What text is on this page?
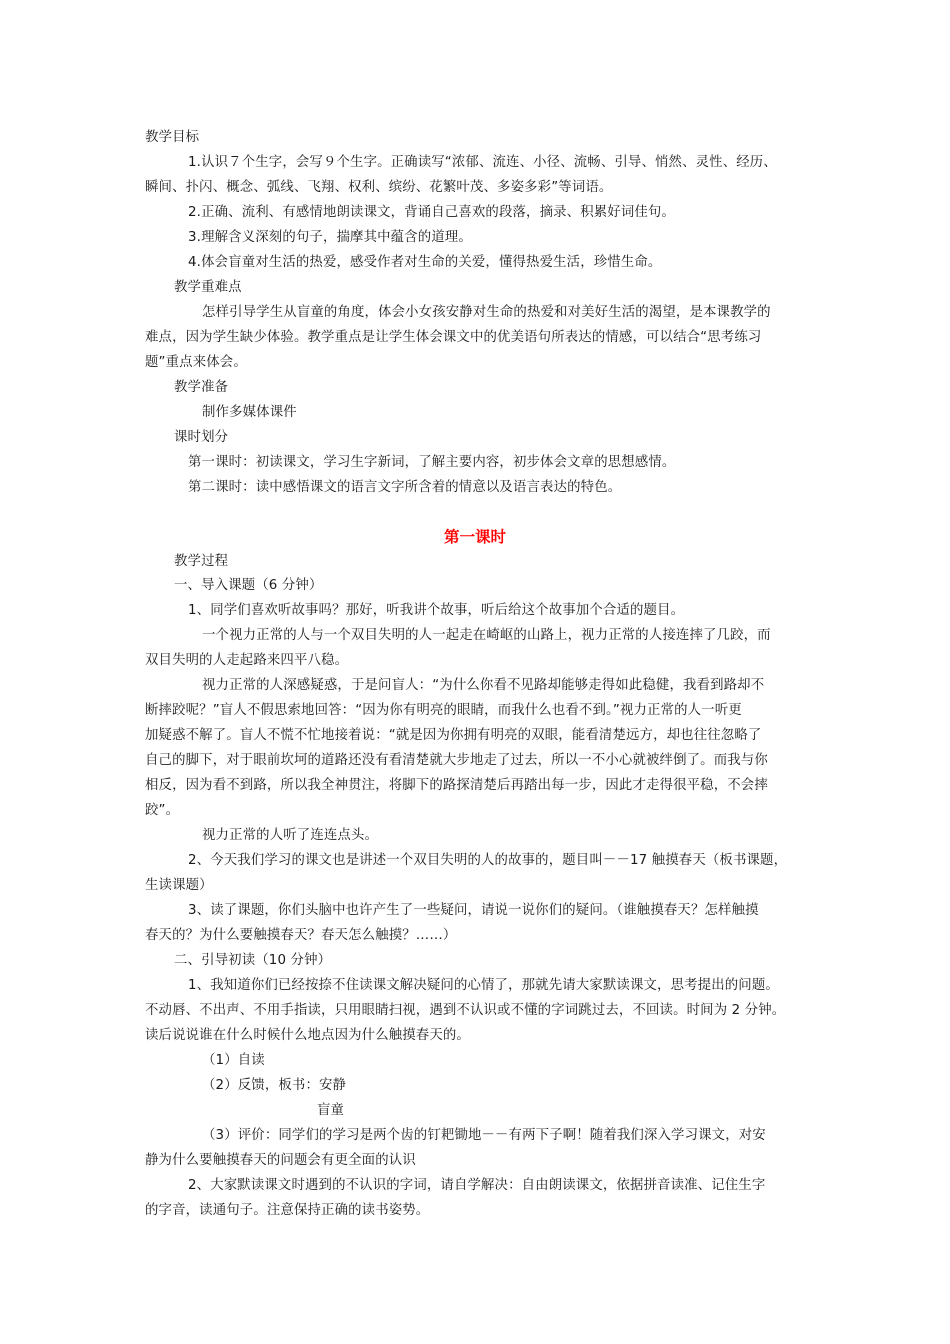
教学目标
1.认识７个生字，会写９个生字。正确读写“浓郁、流连、小径、流畅、引导、悄然、灵性、经历、
瞬间、扑闪、概念、弧线、飞翔、权利、缤纷、花繁叶茂、多姿多彩”等词语。
2.正确、流利、有感情地朗读课文，背诵自己喜欢的段落，摘录、积累好词佳句。
3.理解含义深刻的句子，揣摩其中蕴含的道理。
4.体会盲童对生活的热爱，感受作者对生命的关爱，懂得热爱生活，珍惜生命。
教学重难点
怎样引导学生从盲童的角度，体会小女孩安静对生命的热爱和对美好生活的渴望，是本课教学的
难点，因为学生缺少体验。教学重点是让学生体会课文中的优美语句所表达的情感，可以结合“思考练习
题”重点来体会。
教学准备
制作多媒体课件
课时划分
第一课时：初读课文，学习生字新词，了解主要内容，初步体会文章的思想感情。
第二课时：读中感悟课文的语言文字所含着的情意以及语言表达的特色。
第一课时
教学过程
一、导入课题（6 分钟）
1、同学们喜欢听故事吗？那好，听我讲个故事，听后给这个故事加个合适的题目。
一个视力正常的人与一个双目失明的人一起走在崎岖的山路上，视力正常的人接连摔了几跤，而
双目失明的人走起路来四平八稳。
视力正常的人深感疑惑，于是问盲人：“为什么你看不见路却能够走得如此稳健，我看到路却不
断摔跤呢？”盲人不假思索地回答：“因为你有明亮的眼睛，而我什么也看不到。”视力正常的人一听更
加疑惑不解了。盲人不慌不忙地接着说：“就是因为你拥有明亮的双眼，能看清楚远方，却也往往忽略了
自己的脚下，对于眼前坎坷的道路还没有看清楚就大步地走了过去，所以一不小心就被绊倒了。而我与你
相反，因为看不到路，所以我全神贯注，将脚下的路探清楚后再踏出每一步，因此才走得很平稳，不会摔
跤”。
视力正常的人听了连连点头。
2、今天我们学习的课文也是讲述一个双目失明的人的故事的，题目叫－－17 触摸春天（板书课题，
生读课题）
3、读了课题，你们头脑中也许产生了一些疑问，请说一说你们的疑问。（谁触摸春天？怎样触摸
春天的？为什么要触摸春天？春天怎么触摸？……）
二、引导初读（10 分钟）
1、我知道你们已经按捺不住读课文解决疑问的心情了，那就先请大家默读课文，思考提出的问题。
不动唇、不出声、不用手指读，只用眼睛扫视，遇到不认识或不懂的字词跳过去，不回读。时间为 2 分钟。
读后说说谁在什么时候什么地点因为什么触摸春天的。
（1）自读
（2）反馈，板书：安静
盲童
（3）评价：同学们的学习是两个齿的钉耙锄地－－有两下子啊！随着我们深入学习课文，对安
静为什么要触摸春天的问题会有更全面的认识
2、大家默读课文时遇到的不认识的字词，请自学解决：自由朗读课文，依据拼音读准、记住生字
的字音，读通句子。注意保持正确的读书姿势。
